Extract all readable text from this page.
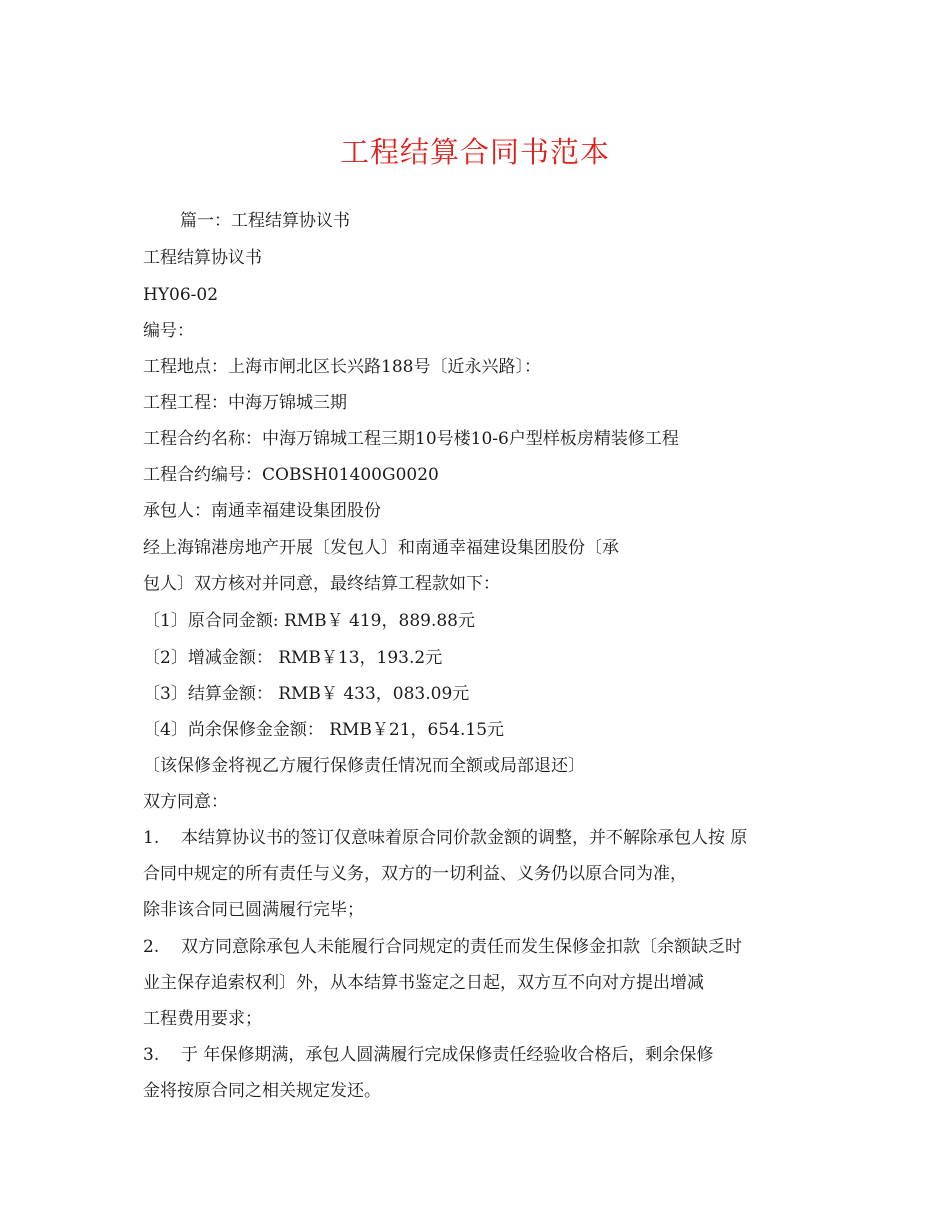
工程结算合同书范本
篇一：工程结算协议书
工程结算协议书
HY06-02
编号：
工程地点：上海市闸北区长兴路188号〔近永兴路〕：
工程工程：中海万锦城三期
工程合约名称：中海万锦城工程三期10号楼10-6户型样板房精装修工程
工程合约编号：COBSH01400G0020
承包人：南通幸福建设集团股份
经上海锦港房地产开展〔发包人〕和南通幸福建设集团股份〔承
包人〕双方核对并同意，最终结算工程款如下：
〔1〕原合同金额: RMB￥ 419，889.88元
〔2〕增减金额： RMB￥13，193.2元
〔3〕结算金额： RMB￥ 433，083.09元
〔4〕尚余保修金金额： RMB￥21，654.15元
〔该保修金将视乙方履行保修责任情况而全额或局部退还〕
双方同意：
1. 本结算协议书的签订仅意味着原合同价款金额的调整，并不解除承包人按 原
合同中规定的所有责任与义务，双方的一切利益、义务仍以原合同为准，
除非该合同已圆满履行完毕；
2. 双方同意除承包人未能履行合同规定的责任而发生保修金扣款〔余额缺乏时
业主保存追索权利〕外，从本结算书鉴定之日起，双方互不向对方提出增减
工程费用要求；
3. 于 年保修期满，承包人圆满履行完成保修责任经验收合格后，剩余保修
金将按原合同之相关规定发还。
